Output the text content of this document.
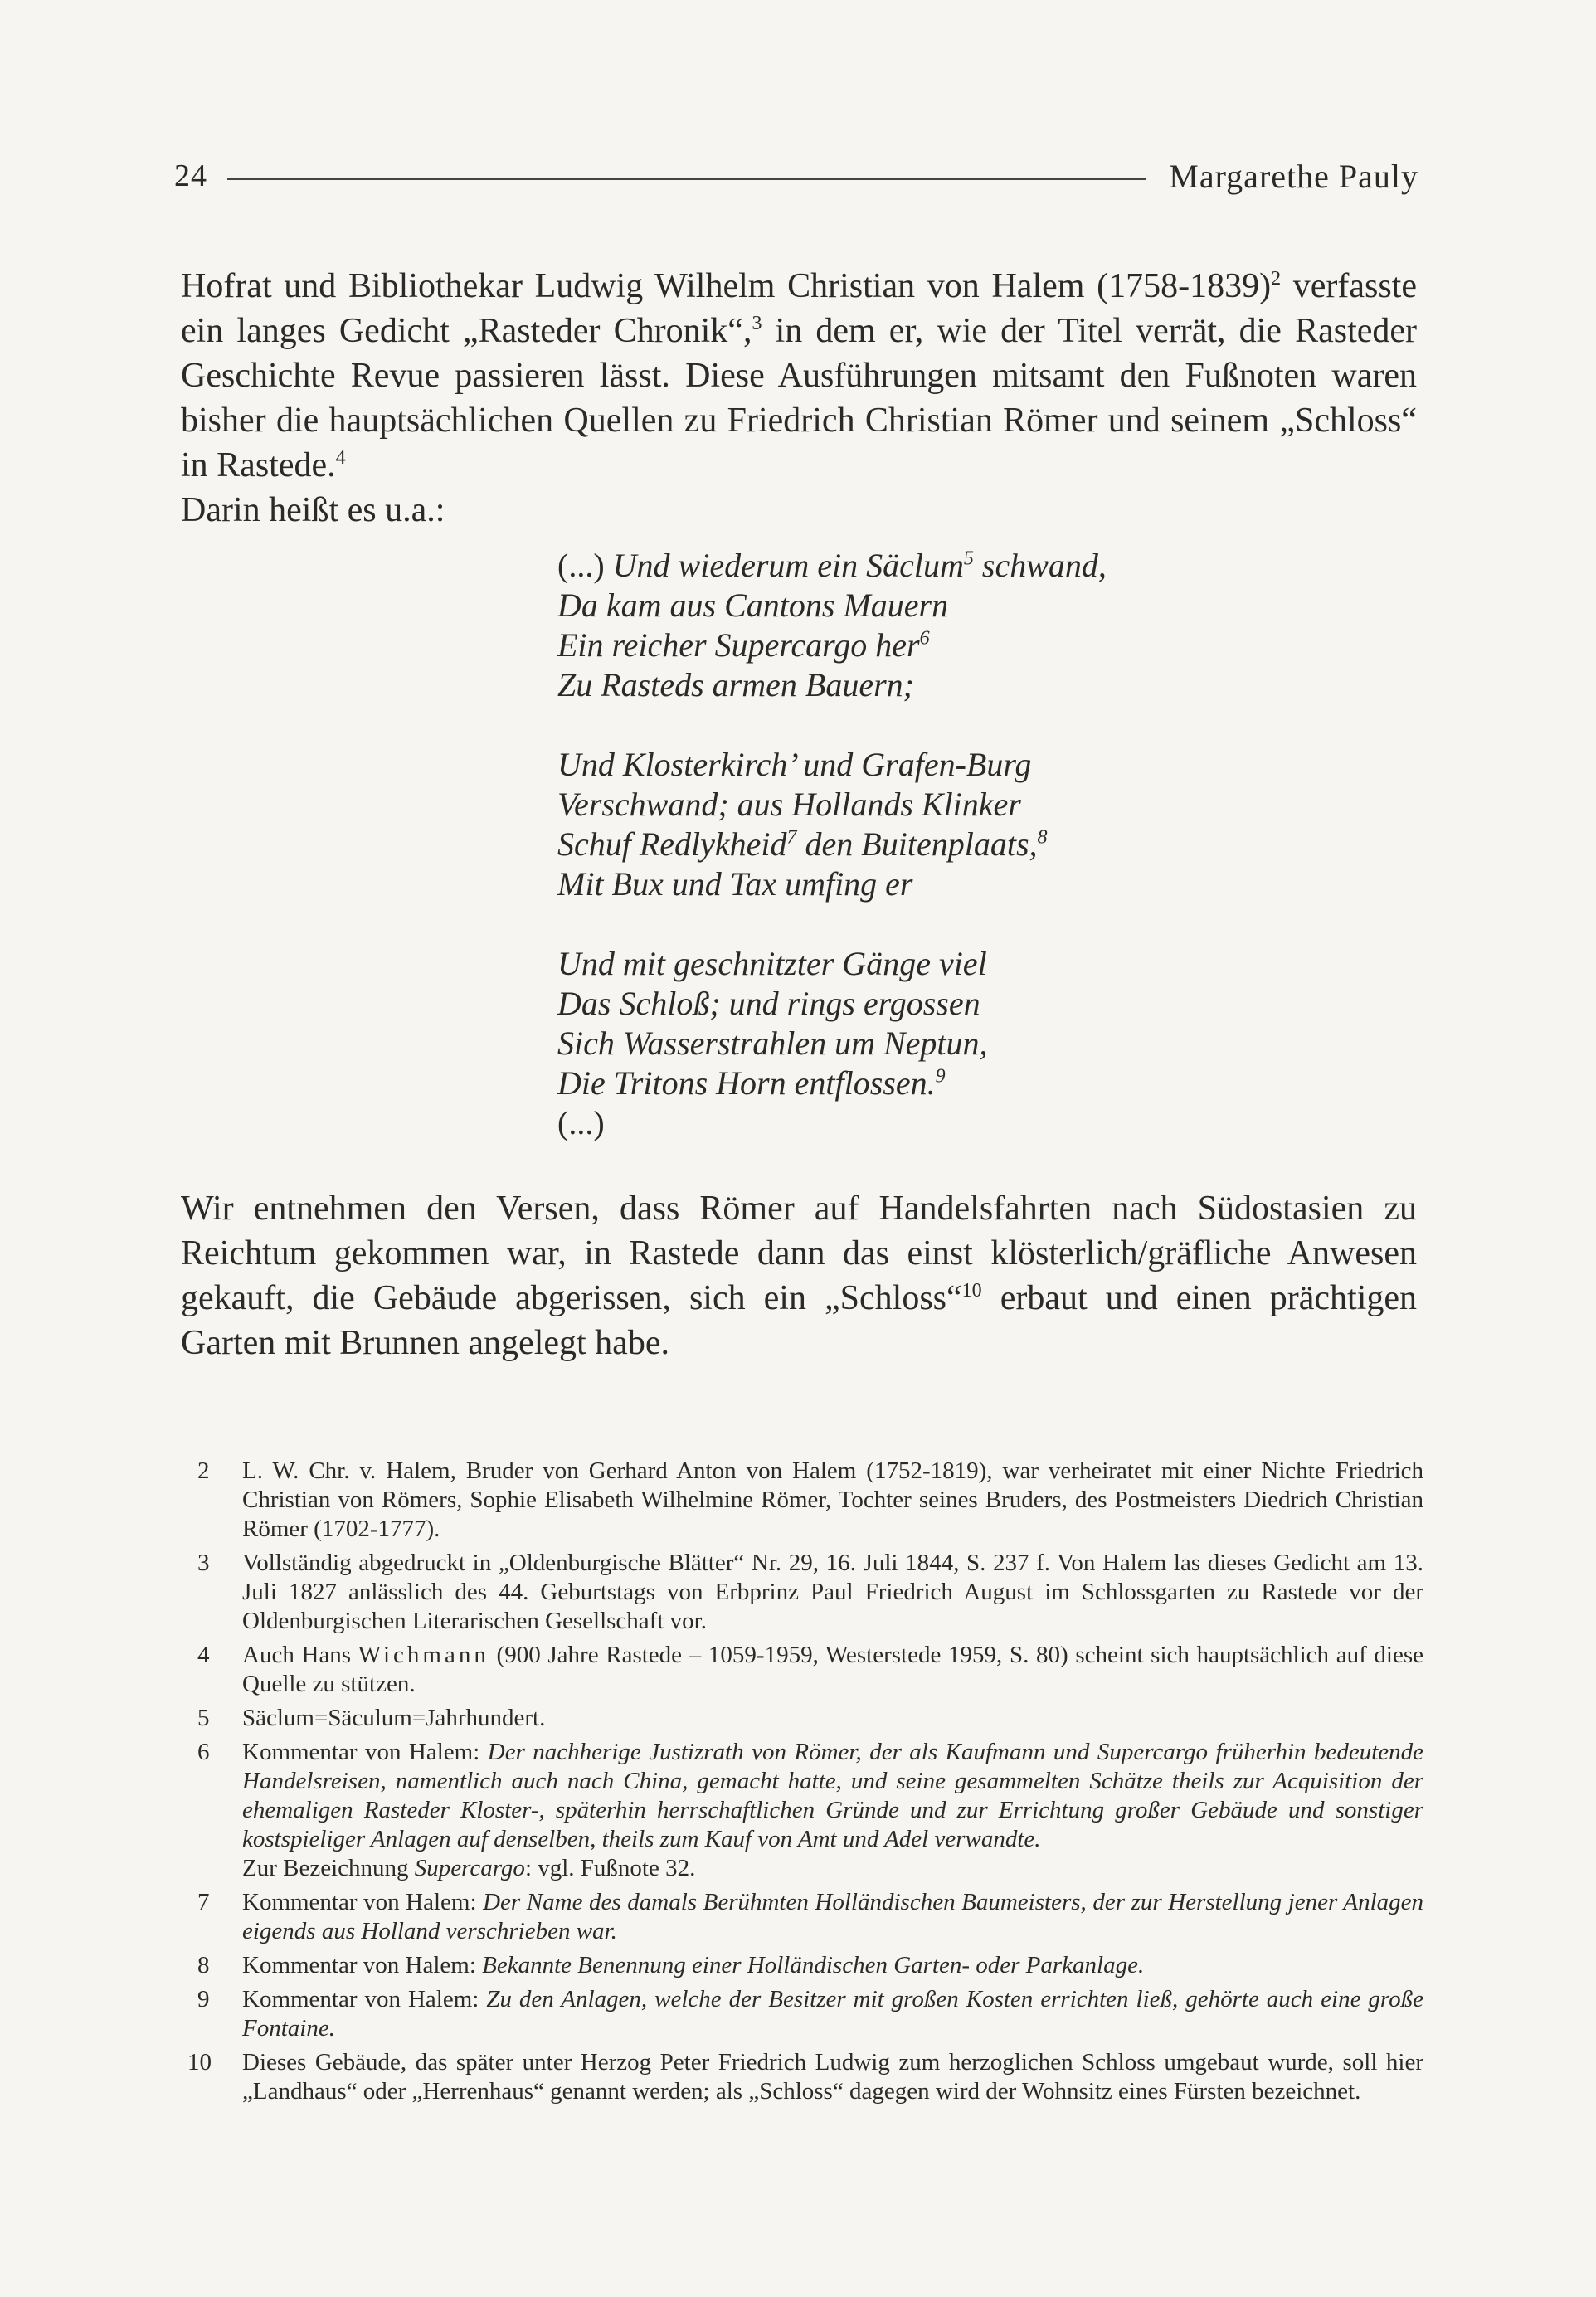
24	Margarethe Pauly

Hofrat und Bibliothekar Ludwig Wilhelm Christian von Halem (1758-1839)$^2$ verfasste ein langes Gedicht „Rasteder Chronik“,$^3$ in dem er, wie der Titel verrät, die Rasteder Geschichte Revue passieren lässt. Diese Ausführungen mitsamt den Fußnoten waren bisher die hauptsächlichen Quellen zu Friedrich Christian Römer und seinem „Schloss“ in Rastede.$^4$

Darin heißt es u.a.:

(...) Und wiederum ein Säclum$^5$ schwand,
Da kam aus Cantons Mauern
Ein reicher Supercargo her$^6$
Zu Rasteds armen Bauern;
Und Klosterkirch’ und Grafen-Burg
Verschwand; aus Hollands Klinker
Schuf Redlykheid$^7$ den Buitenplaats,$^8$
Mit Bux und Tax umfing er
Und mit geschnitzter Gänge viel
Das Schloß; und rings ergossen
Sich Wasserstrahlen um Neptun,
Die Tritons Horn entflossen.$^9$
(...)

Wir entnehmen den Versen, dass Römer auf Handelsfahrten nach Südostasien zu Reichtum gekommen war, in Rastede dann das einst klösterlich/gräfliche Anwesen gekauft, die Gebäude abgerissen, sich ein „Schloss“$^{10}$ erbaut und einen prächtigen Garten mit Brunnen angelegt habe.

2	L. W. Chr. v. Halem, Bruder von Gerhard Anton von Halem (1752-1819), war verheiratet mit einer Nichte Friedrich Christian von Römers, Sophie Elisabeth Wilhelmine Römer, Tochter seines Bruders, des Postmeisters Diedrich Christian Römer (1702-1777).
3	Vollständig abgedruckt in „Oldenburgische Blätter“ Nr. 29, 16. Juli 1844, S. 237 f. Von Halem las dieses Gedicht am 13. Juli 1827 anlässlich des 44. Geburtstags von Erbprinz Paul Friedrich August im Schlossgarten zu Rastede vor der Oldenburgischen Literarischen Gesellschaft vor.
4	Auch Hans Wichmann (900 Jahre Rastede – 1059-1959, Westerstede 1959, S. 80) scheint sich hauptsächlich auf diese Quelle zu stützen.
5	Säclum=Säculum=Jahrhundert.
6	Kommentar von Halem: Der nachherige Justizrath von Römer, der als Kaufmann und Supercargo früherhin bedeutende Handelsreisen, namentlich auch nach China, gemacht hatte, und seine gesammelten Schätze theils zur Acquisition der ehemaligen Rasteder Kloster-, späterhin herrschaftlichen Gründe und zur Errichtung großer Gebäude und sonstiger kostspieliger Anlagen auf denselben, theils zum Kauf von Amt und Adel verwandte.
Zur Bezeichnung Supercargo: vgl. Fußnote 32.
7	Kommentar von Halem: Der Name des damals Berühmten Holländischen Baumeisters, der zur Herstellung jener Anlagen eigends aus Holland verschrieben war.
8	Kommentar von Halem: Bekannte Benennung einer Holländischen Garten- oder Parkanlage.
9	Kommentar von Halem: Zu den Anlagen, welche der Besitzer mit großen Kosten errichten ließ, gehörte auch eine große Fontaine.
10	Dieses Gebäude, das später unter Herzog Peter Friedrich Ludwig zum herzoglichen Schloss umgebaut wurde, soll hier „Landhaus“ oder „Herrenhaus“ genannt werden; als „Schloss“ dagegen wird der Wohnsitz eines Fürsten bezeichnet.
